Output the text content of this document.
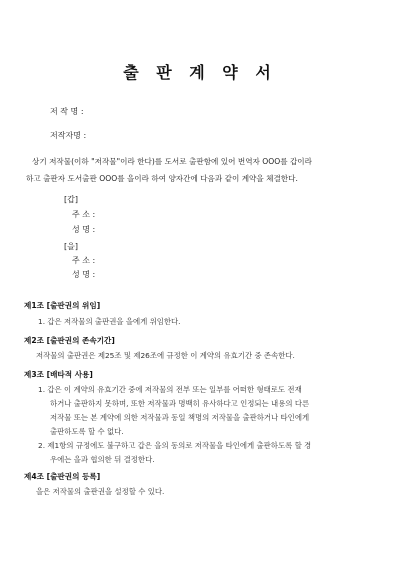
출 판 계 약 서
저 작 명 :
저작자명 :

상기 저작물(이하 "저작물"이라 한다)를 도서로 출판함에 있어 번역자 OOO를 갑이라

하고 출판자 도서출판 OOO를 을이라 하여 양자간에 다음과 같이 계약을 체결한다.

[갑]
주 소 :
성 명 :
[을]
주 소 :
성 명 :
제1조 [출판권의 위임]
1. 갑은 저작물의 출판권을 을에게 위임한다.
제2조 [출판권의 존속기간]
저작물의 출판권은 제25조 및 제26조에 규정한 이 계약의 유효기간 중 존속한다.
제3조 [배타적 사용]
1. 갑은 이 계약의 유효기간 중에 저작물의 전부 또는 일부를 어떠한 형태로도 전재
하거나 출판하지 못하며, 또한 저작물과 명백히 유사하다고 인정되는 내용의 다른
저작물 또는 본 계약에 의한 저작물과 동일 책명의 저작물을 출판하거나 타인에게
출판하도록 할 수 없다.
2. 제1항의 규정에도 불구하고 갑은 을의 동의로 저작물을 타인에게 출판하도록 할 경
우에는 을과 협의한 뒤 결정한다.
제4조 [출판권의 등록]
을은 저작물의 출판권을 설정할 수 있다.
